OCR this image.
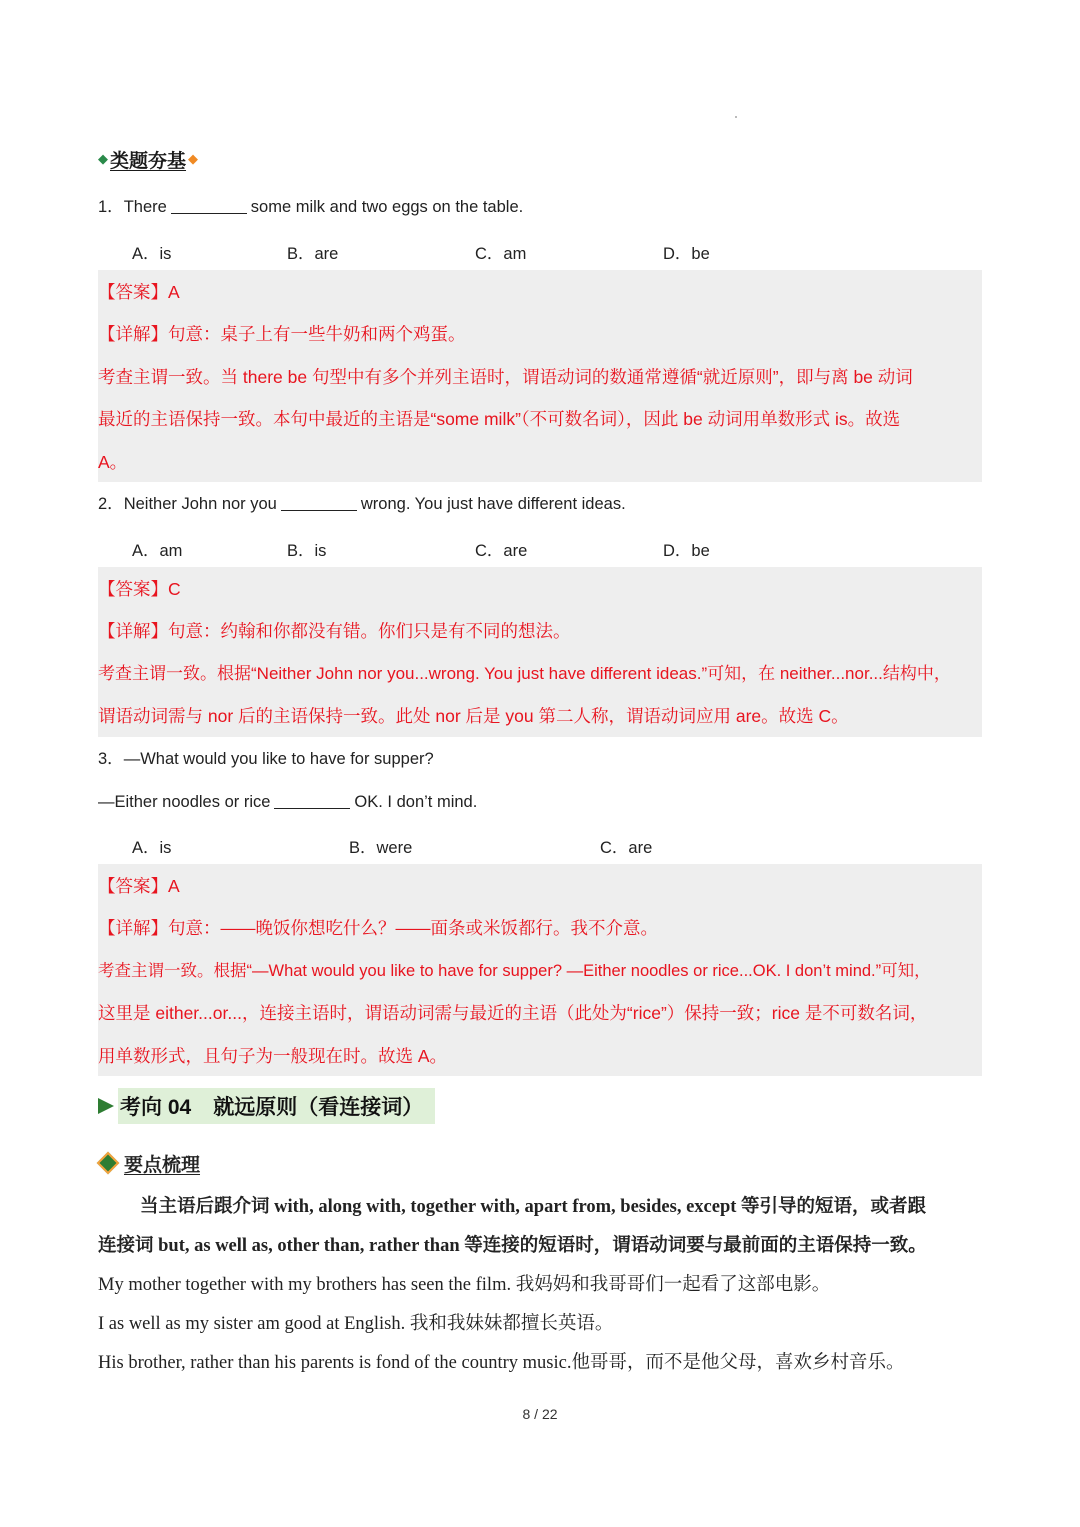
◆ 类题夯基 ◆
1．There	some milk and two eggs on the table.
A．is	B．are	C．am	D．be
【答案】A
【详解】句意：桌子上有一些牛奶和两个鸡蛋。
考查主谓一致。当 there be 句型中有多个并列主语时，谓语动词的数通常遵循“就近原则”，即与离 be 动词
最近的主语保持一致。本句中最近的主语是“some milk”（不可数名词），因此 be 动词用单数形式 is。故选
A。
2．Neither John nor you	wrong. You just have different ideas.
A．am	B．is	C．are	D．be
【答案】C
【详解】句意：约翰和你都没有错。你们只是有不同的想法。
考查主谓一致。根据“Neither John nor you...wrong. You just have different ideas.”可知，在 neither...nor...结构中，
谓语动词需与 nor 后的主语保持一致。此处 nor 后是 you 第二人称，谓语动词应用 are。故选 C。
3．—What would you like to have for supper?
—Either noodles or rice	OK. I don’t mind.
A．is	B．were	C．are
【答案】A
【详解】句意：——晚饭你想吃什么？——面条或米饭都行。我不介意。
考查主谓一致。根据“—What would you like to have for supper? —Either noodles or rice...OK. I don’t mind.”可知，
这里是 either...or...，连接主语时，谓语动词需与最近的主语（此处为“rice”）保持一致；rice 是不可数名词，
用单数形式，且句子为一般现在时。故选 A。
考向 04 就远原则（看连接词）
要点梳理
当主语后跟介词 with, along with, together with, apart from, besides, except 等引导的短语，或者跟
连接词 but, as well as, other than, rather than 等连接的短语时，谓语动词要与最前面的主语保持一致。
My mother together with my brothers has seen the film. 我妈妈和我哥哥们一起看了这部电影。
I as well as my sister am good at English. 我和我妹妹都擅长英语。
His brother, rather than his parents is fond of the country music.他哥哥，而不是他父母，喜欢乡村音乐。
8 / 22
